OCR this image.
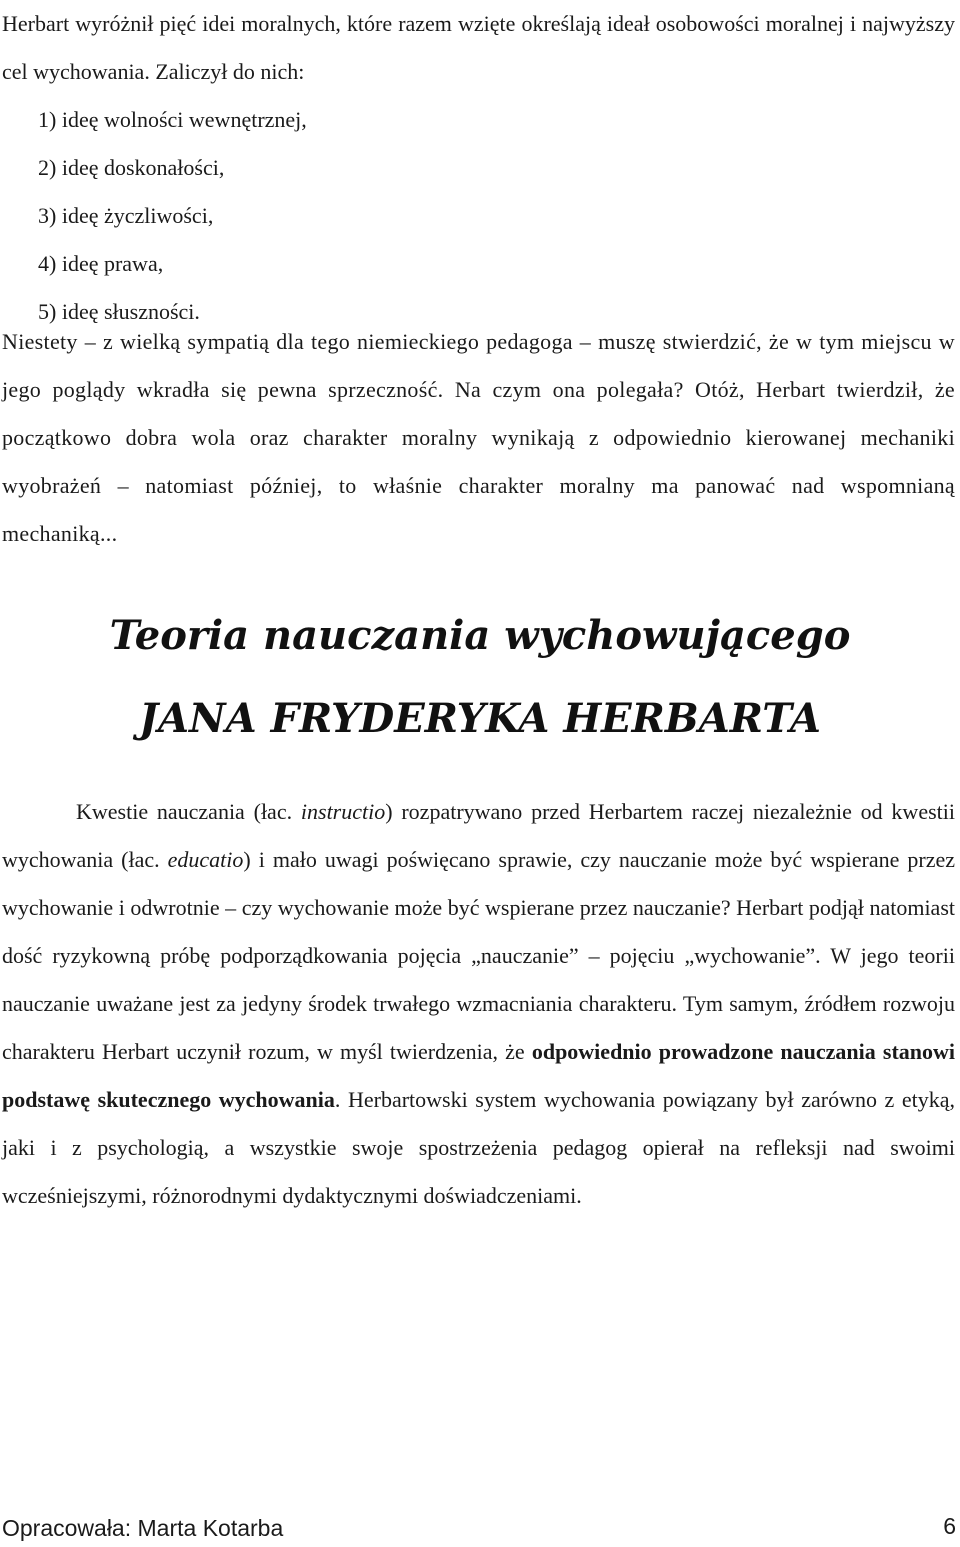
Herbart wyróżnił pięć idei moralnych, które razem wzięte określają ideał osobowości moralnej i najwyższy cel wychowania. Zaliczył do nich:

1) ideę wolności wewnętrznej,
2) ideę doskonałości,
3) ideę życzliwości,
4) ideę prawa,
5) ideę słuszności.

Niestety – z wielką sympatią dla tego niemieckiego pedagoga – muszę stwierdzić, że w tym miejscu w jego poglądy wkradła się pewna sprzeczność. Na czym ona polegała? Otóż, Herbart twierdził, że początkowo dobra wola oraz charakter moralny wynikają z odpowiednio kierowanej mechaniki wyobrażeń – natomiast później, to właśnie charakter moralny ma panować nad wspomnianą mechaniką...

Teoria nauczania wychowującego
JANA FRYDERYKA HERBARTA

Kwestie nauczania (łac. instructio) rozpatrywano przed Herbartem raczej niezależnie od kwestii wychowania (łac. educatio) i mało uwagi poświęcano sprawie, czy nauczanie może być wspierane przez wychowanie i odwrotnie – czy wychowanie może być wspierane przez nauczanie? Herbart podjął natomiast dość ryzykowną próbę podporządkowania pojęcia „nauczanie” – pojęciu „wychowanie”. W jego teorii nauczanie uważane jest za jedyny środek trwałego wzmacniania charakteru. Tym samym, źródłem rozwoju charakteru Herbart uczynił rozum, w myśl twierdzenia, że odpowiednio prowadzone nauczania stanowi podstawę skutecznego wychowania. Herbartowski system wychowania powiązany był zarówno z etyką, jaki i z psychologią, a wszystkie swoje spostrzeżenia pedagog opierał na refleksji nad swoimi wcześniejszymi, różnorodnymi dydaktycznymi doświadczeniami.

Opracowała: Marta Kotarba	6
